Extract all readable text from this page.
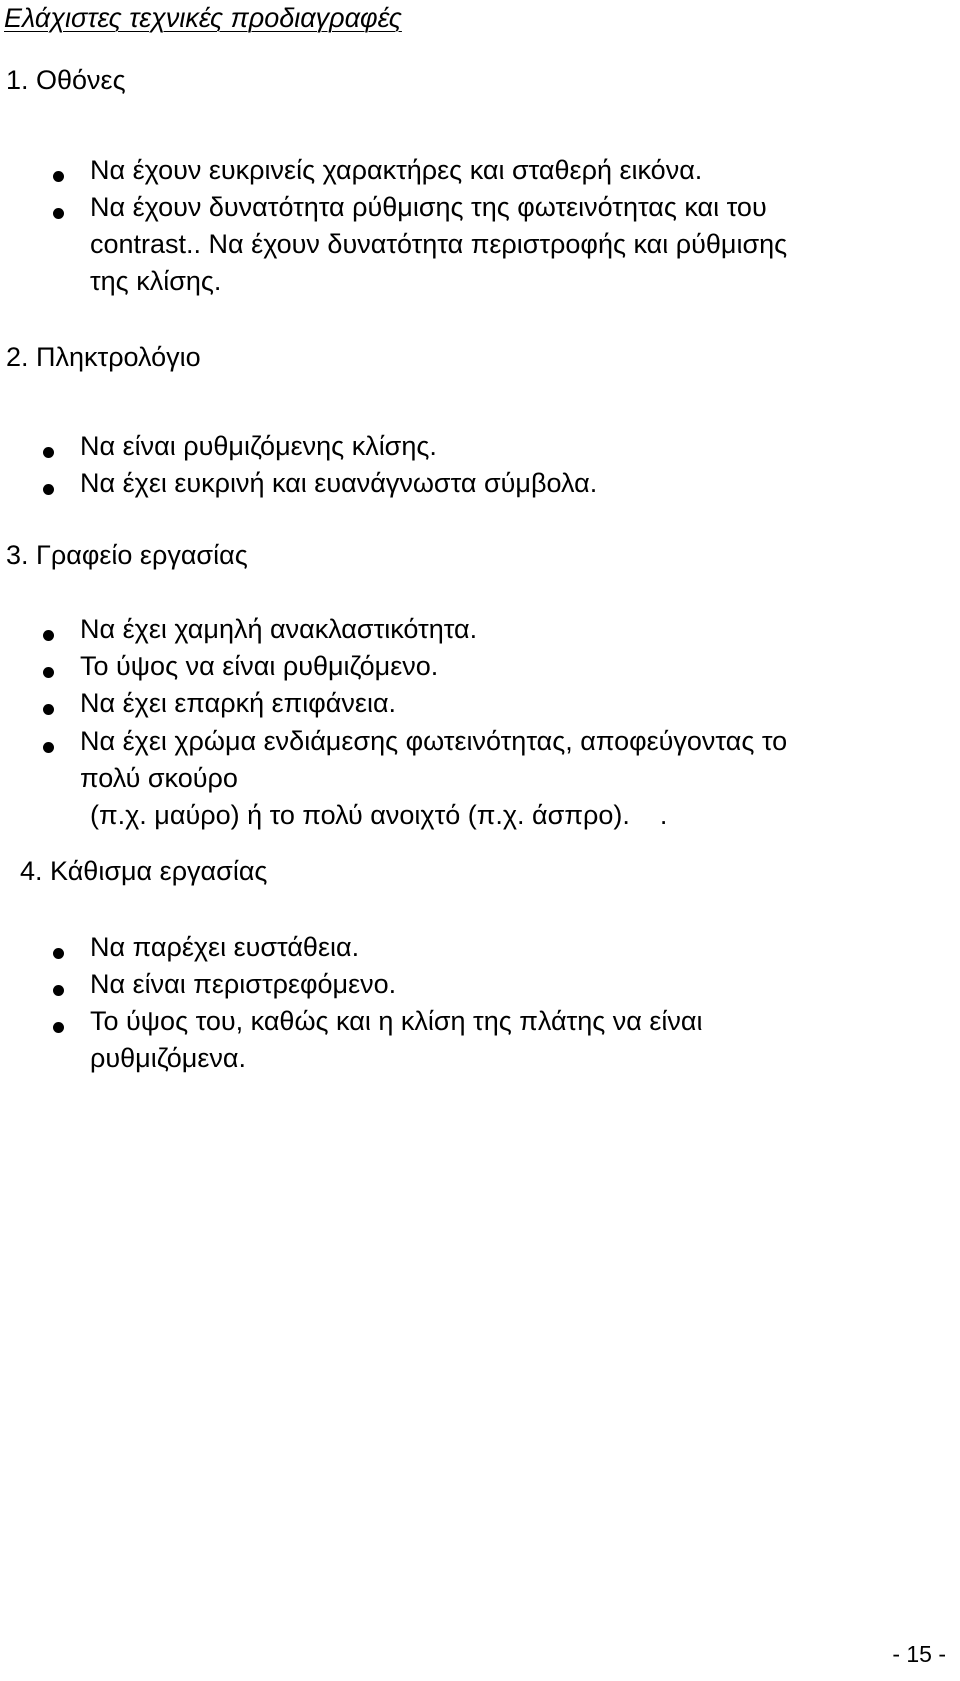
Ελάχιστες τεχνικές προδιαγραφές
1. Οθόνες
Να έχουν ευκρινείς χαρακτήρες και σταθερή εικόνα.
Να έχουν δυνατότητα ρύθμισης της φωτεινότητας και του
contrast.. Να έχουν δυνατότητα περιστροφής και ρύθμισης
της κλίσης.
2. Πληκτρολόγιο
Να είναι ρυθμιζόμενης κλίσης.
Να έχει ευκρινή και ευανάγνωστα σύμβολα.
3. Γραφείο εργασίας
Να έχει χαμηλή ανακλαστικότητα.
Το ύψος να είναι ρυθμιζόμενο.
Να έχει επαρκή επιφάνεια.
Να έχει χρώμα ενδιάμεσης φωτεινότητας, αποφεύγοντας το
πολύ σκούρο
(π.χ. μαύρο) ή το πολύ ανοιχτό (π.χ. άσπρο).    .
4. Κάθισμα εργασίας
Να παρέχει ευστάθεια.
Να είναι περιστρεφόμενο.
Το ύψος του, καθώς και η κλίση της πλάτης να είναι
ρυθμιζόμενα.
- 15 -
